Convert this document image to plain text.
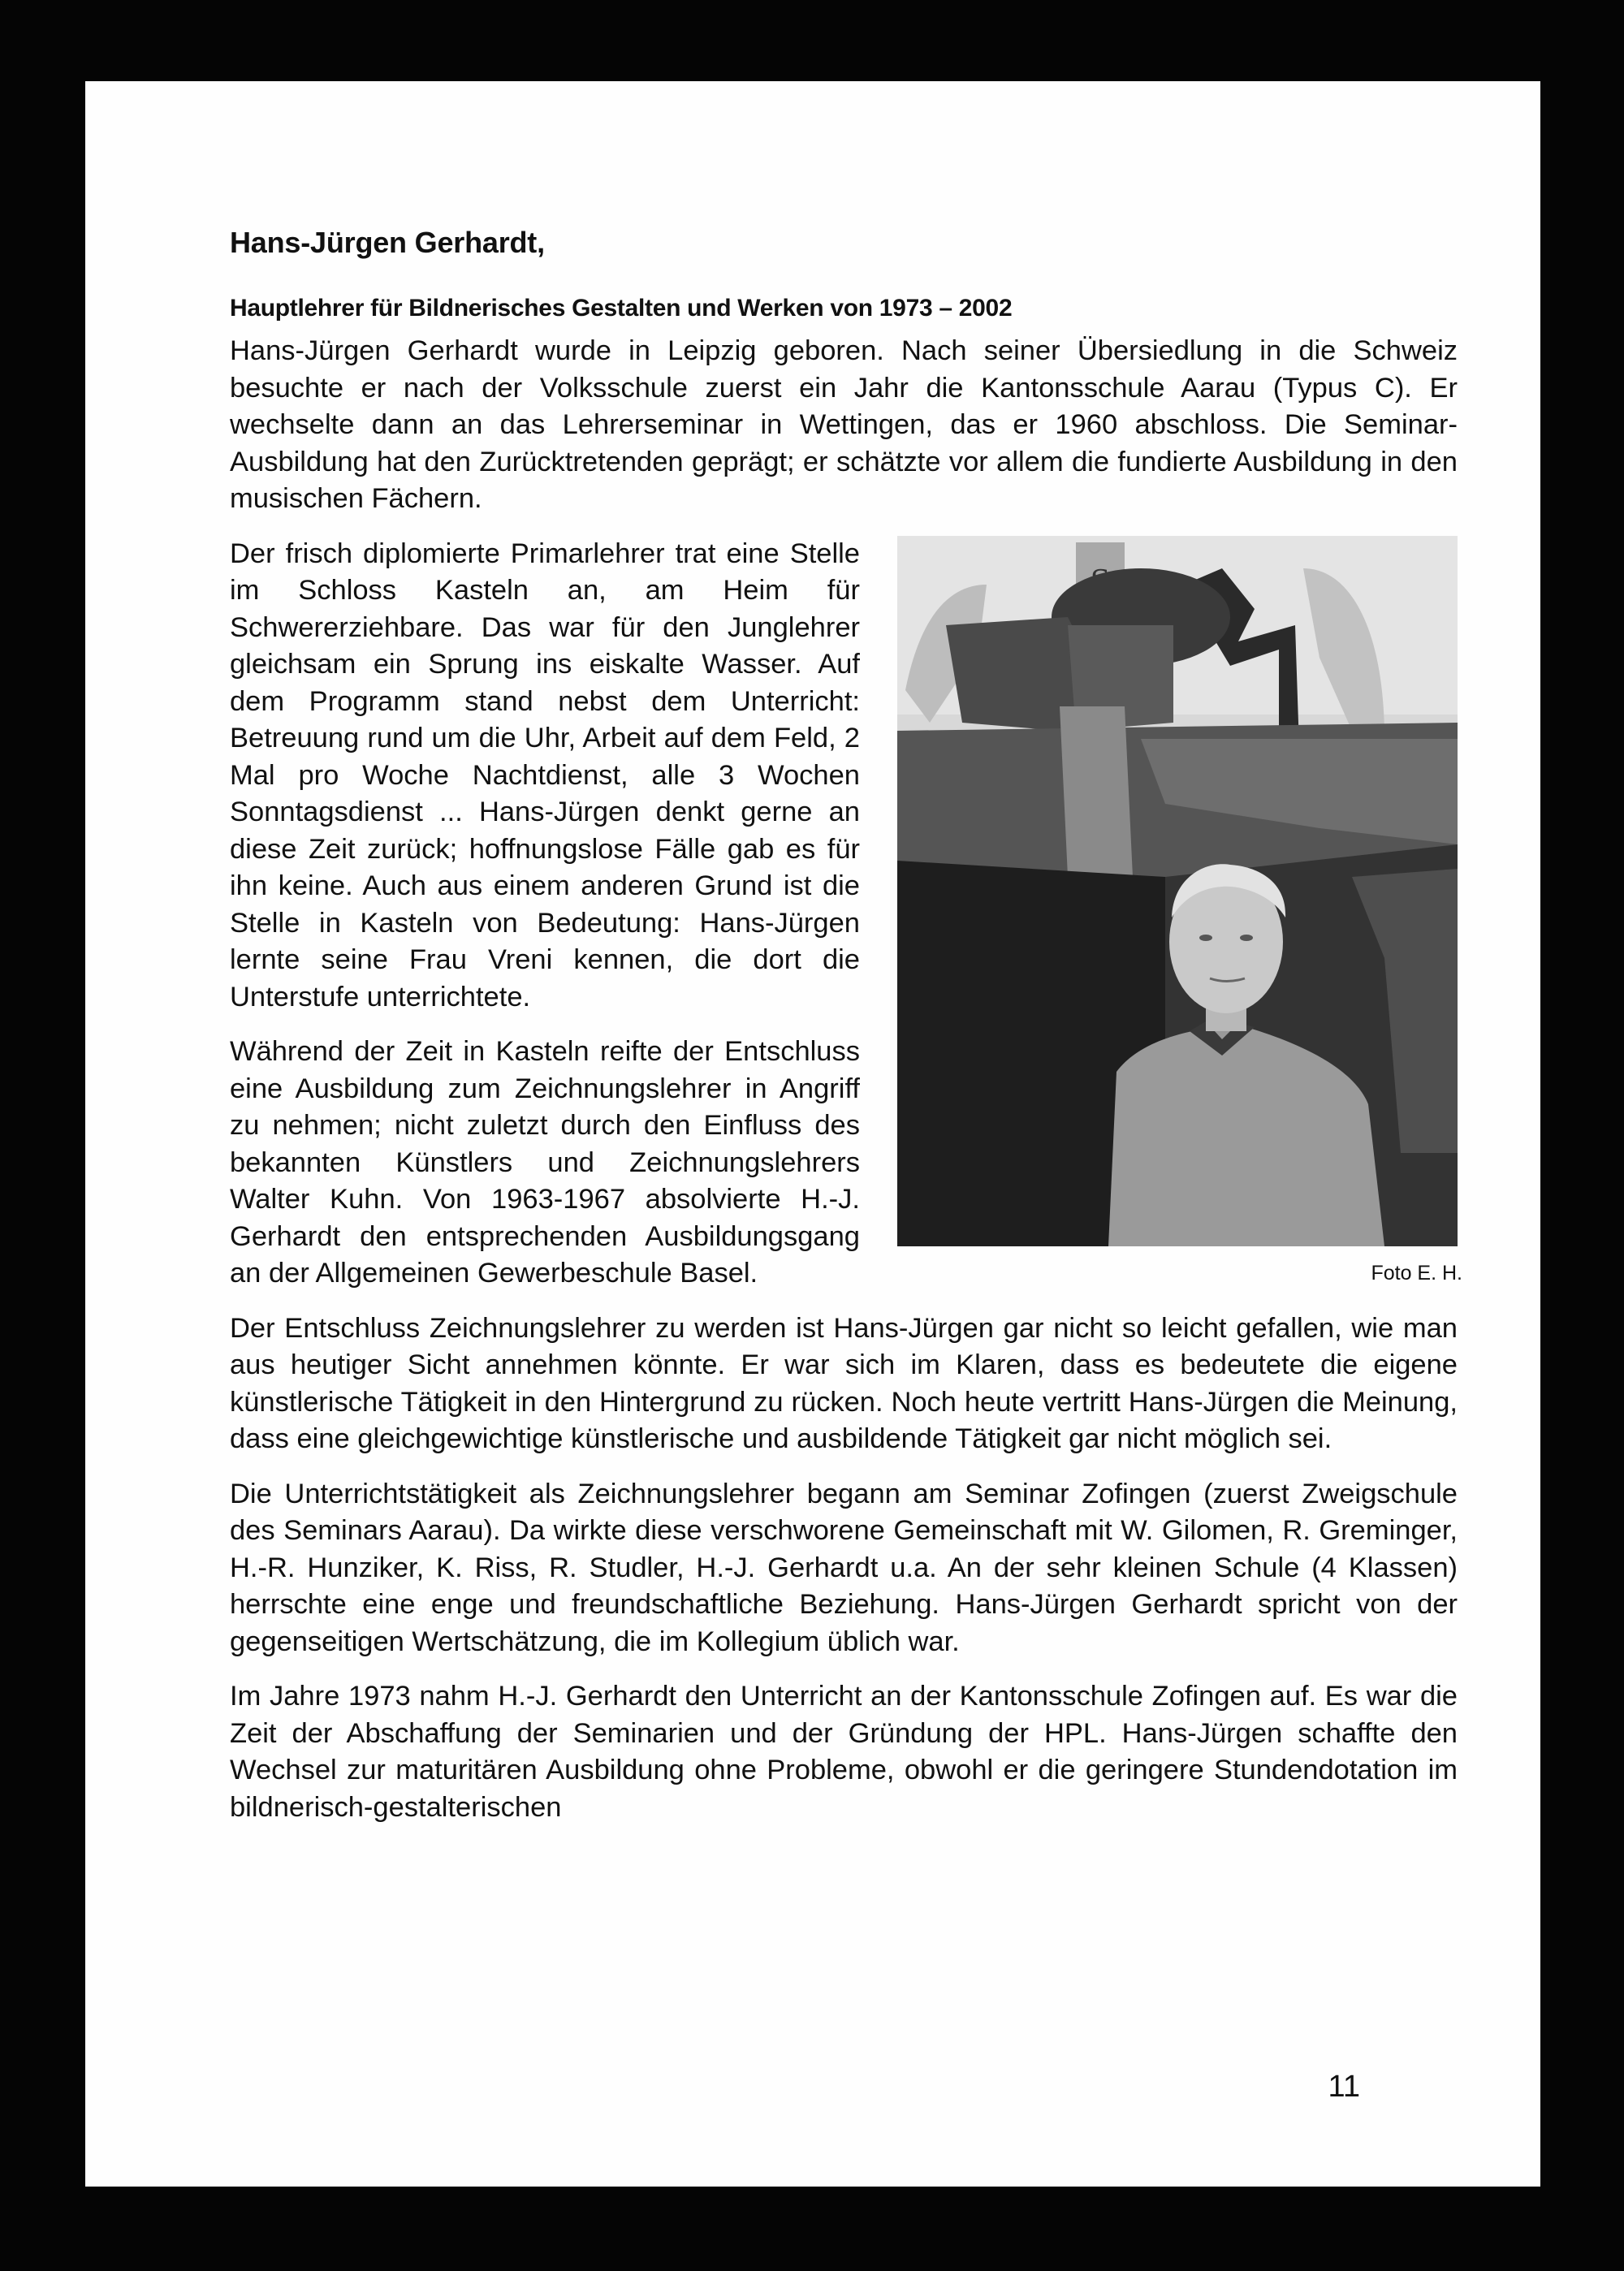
Hans-Jürgen Gerhardt,
Hauptlehrer für Bildnerisches Gestalten und Werken von 1973 – 2002

Hans-Jürgen Gerhardt wurde in Leipzig geboren. Nach seiner Übersiedlung in die Schweiz besuchte er nach der Volksschule zuerst ein Jahr die Kantonsschule Aarau (Typus C). Er wechselte dann an das Lehrerseminar in Wettingen, das er 1960 abschloss. Die Seminar-Ausbildung hat den Zurücktretenden geprägt; er schätzte vor allem die fundierte Ausbildung in den musischen Fächern.

Foto E. H.

Der frisch diplomierte Primarlehrer trat eine Stelle im Schloss Kasteln an, am Heim für Schwererziehbare. Das war für den Junglehrer gleichsam ein Sprung ins eiskalte Wasser. Auf dem Programm stand nebst dem Unterricht: Betreuung rund um die Uhr, Arbeit auf dem Feld, 2 Mal pro Woche Nachtdienst, alle 3 Wochen Sonntagsdienst ... Hans-Jürgen denkt gerne an diese Zeit zurück; hoffnungslose Fälle gab es für ihn keine. Auch aus einem anderen Grund ist die Stelle in Kasteln von Bedeutung: Hans-Jürgen lernte seine Frau Vreni kennen, die dort die Unterstufe unterrichtete.

Während der Zeit in Kasteln reifte der Entschluss eine Ausbildung zum Zeichnungslehrer in Angriff zu nehmen; nicht zuletzt durch den Einfluss des bekannten Künstlers und Zeichnungslehrers Walter Kuhn. Von 1963-1967 absolvierte H.-J. Gerhardt den entsprechenden Ausbildungsgang an der Allgemeinen Gewerbeschule Basel.

Der Entschluss Zeichnungslehrer zu werden ist Hans-Jürgen gar nicht so leicht gefallen, wie man aus heutiger Sicht annehmen könnte. Er war sich im Klaren, dass es bedeutete die eigene künstlerische Tätigkeit in den Hintergrund zu rücken. Noch heute vertritt Hans-Jürgen die Meinung, dass eine gleichgewichtige künstlerische und ausbildende Tätigkeit gar nicht möglich sei.

Die Unterrichtstätigkeit als Zeichnungslehrer begann am Seminar Zofingen (zuerst Zweigschule des Seminars Aarau). Da wirkte diese verschworene Gemeinschaft mit W. Gilomen, R. Greminger, H.-R. Hunziker, K. Riss, R. Studler, H.-J. Gerhardt u.a. An der sehr kleinen Schule (4 Klassen) herrschte eine enge und freundschaftliche Beziehung. Hans-Jürgen Gerhardt spricht von der gegenseitigen Wertschätzung, die im Kollegium üblich war.

Im Jahre 1973 nahm H.-J. Gerhardt den Unterricht an der Kantonsschule Zofingen auf. Es war die Zeit der Abschaffung der Seminarien und der Gründung der HPL. Hans-Jürgen schaffte den Wechsel zur maturitären Ausbildung ohne Probleme, obwohl er die geringere Stundendotation im bildnerisch-gestalterischen

11
